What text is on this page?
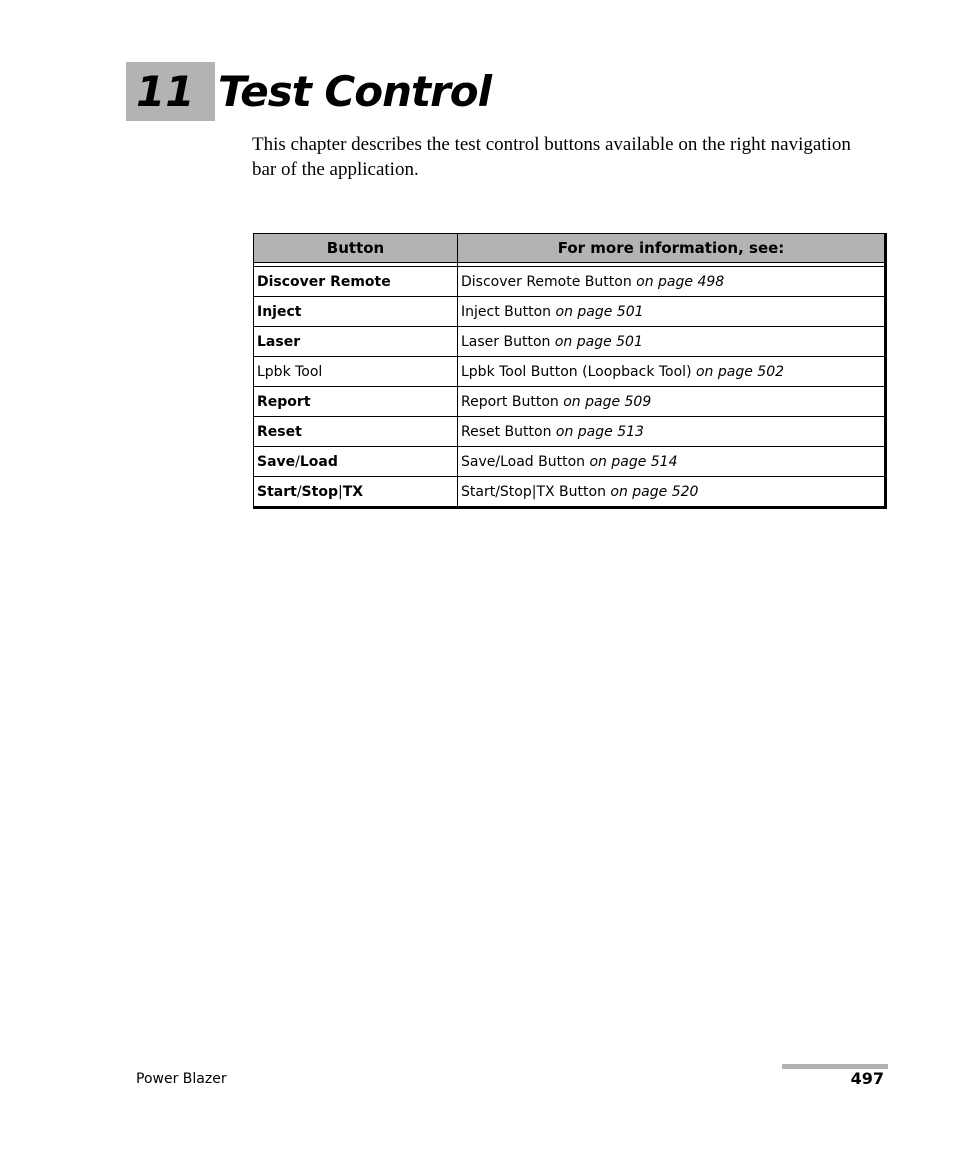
11 Test Control

This chapter describes the test control buttons available on the right navigation bar of the application.

Button	For more information, see:

Discover Remote	Discover Remote Button on page 498
Inject	Inject Button on page 501
Laser	Laser Button on page 501
Lpbk Tool	Lpbk Tool Button (Loopback Tool) on page 502
Report	Report Button on page 509
Reset	Reset Button on page 513
Save/Load	Save/Load Button on page 514
Start/Stop|TX	Start/Stop|TX Button on page 520
Power Blazer	497
